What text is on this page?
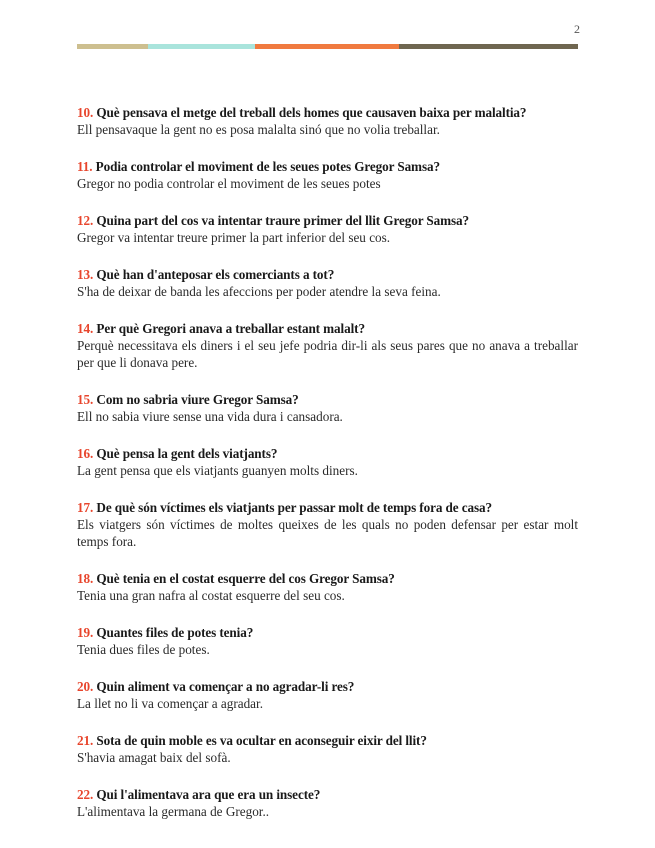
2
10. Què pensava el metge del treball dels homes que causaven baixa per malaltia?
Ell pensavaque la gent no es posa malalta sinó que no volia treballar.
11. Podia controlar el moviment de les seues potes Gregor Samsa?
Gregor no podia controlar el moviment de les seues potes
12. Quina part del cos va intentar traure primer del llit Gregor Samsa?
Gregor va intentar treure primer la part inferior del seu cos.
13. Què han d'anteposar els comerciants a tot?
S'ha de deixar de banda les afeccions per poder atendre la seva feina.
14. Per què Gregori anava a treballar estant malalt?
Perquè necessitava els diners i el seu jefe podria dir-li als seus pares que no anava a treballar per que li donava pere.
15. Com no sabria viure Gregor Samsa?
Ell no sabia viure sense una vida dura i cansadora.
16. Què pensa la gent dels viatjants?
La gent pensa que els viatjants guanyen molts diners.
17. De què són víctimes els viatjants per passar molt de temps fora de casa?
Els viatgers són víctimes de moltes queixes de les quals no poden defensar per estar molt temps fora.
18. Què tenia en el costat esquerre del cos Gregor Samsa?
Tenia una gran nafra al costat esquerre del seu cos.
19. Quantes files de potes tenia?
Tenia dues files de potes.
20. Quin aliment va començar a no agradar-li res?
La llet no li va començar a agradar.
21. Sota de quin moble es va ocultar en aconseguir eixir del llit?
S'havia amagat baix del sofà.
22. Qui l'alimentava ara que era un insecte?
L'alimentava la germana de Gregor..
